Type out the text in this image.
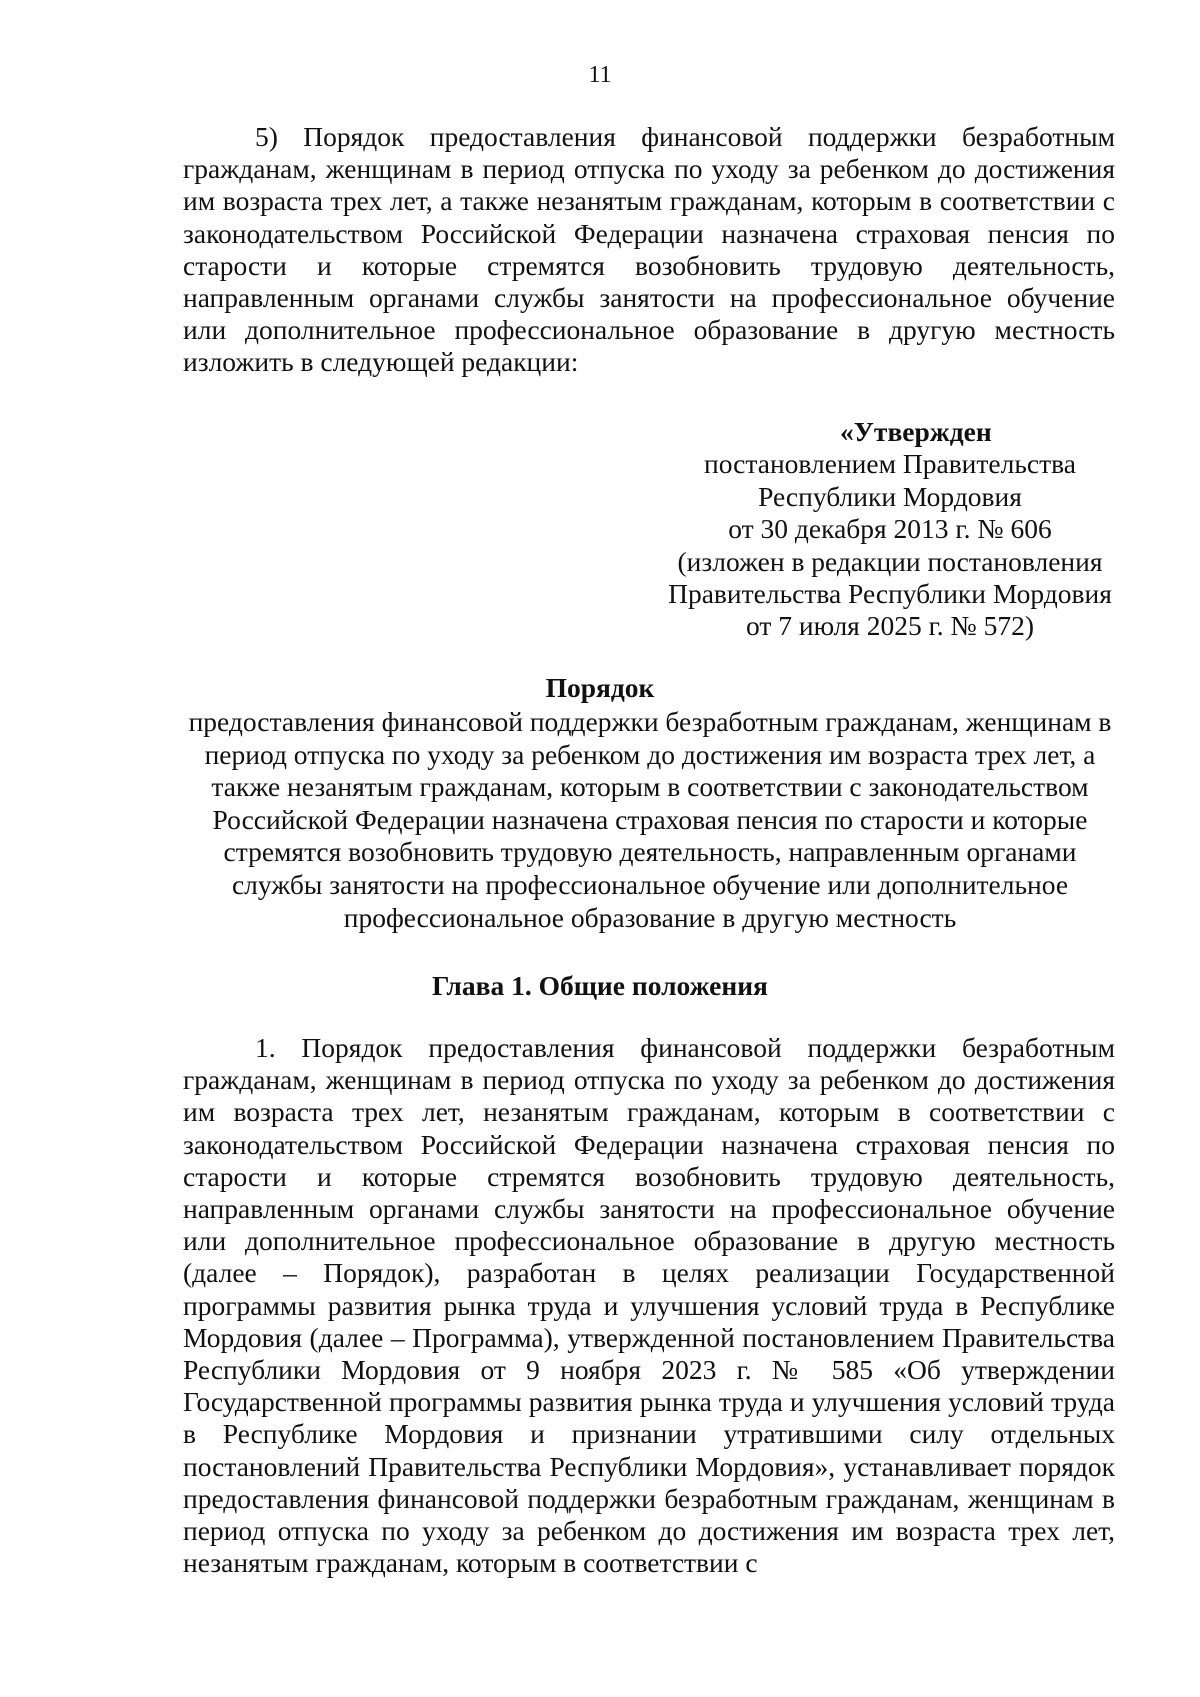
11

5) Порядок предоставления финансовой поддержки безработным гражданам, женщинам в период отпуска по уходу за ребенком до достижения им возраста трех лет, а также незанятым гражданам, которым в соответствии с законодательством Российской Федерации назначена страховая пенсия по старости и которые стремятся возобновить трудовую деятельность, направленным органами службы занятости на профессиональное обучение или дополнительное профессиональное образование в другую местность изложить в следующей редакции:

«Утвержден
постановлением Правительства
Республики Мордовия
от 30 декабря 2013 г. № 606
(изложен в редакции постановления
Правительства Республики Мордовия
от 7 июля 2025 г. № 572)
Порядок

предоставления финансовой поддержки безработным гражданам, женщинам в период отпуска по уходу за ребенком до достижения им возраста трех лет, а также незанятым гражданам, которым в соответствии с законодательством Российской Федерации назначена страховая пенсия по старости и которые стремятся возобновить трудовую деятельность, направленным органами службы занятости на профессиональное обучение или дополнительное профессиональное образование в другую местность

Глава 1. Общие положения

1. Порядок предоставления финансовой поддержки безработным гражданам, женщинам в период отпуска по уходу за ребенком до достижения им возраста трех лет, незанятым гражданам, которым в соответствии с законодательством Российской Федерации назначена страховая пенсия по старости и которые стремятся возобновить трудовую деятельность, направленным органами службы занятости на профессиональное обучение или дополнительное профессиональное образование в другую местность (далее – Порядок), разработан в целях реализации Государственной программы развития рынка труда и улучшения условий труда в Республике Мордовия (далее – Программа), утвержденной постановлением Правительства Республики Мордовия от 9 ноября 2023 г. № 585 «Об утверждении Государственной программы развития рынка труда и улучшения условий труда в Республике Мордовия и признании утратившими силу отдельных постановлений Правительства Республики Мордовия», устанавливает порядок предоставления финансовой поддержки безработным гражданам, женщинам в период отпуска по уходу за ребенком до достижения им возраста трех лет, незанятым гражданам, которым в соответствии с
